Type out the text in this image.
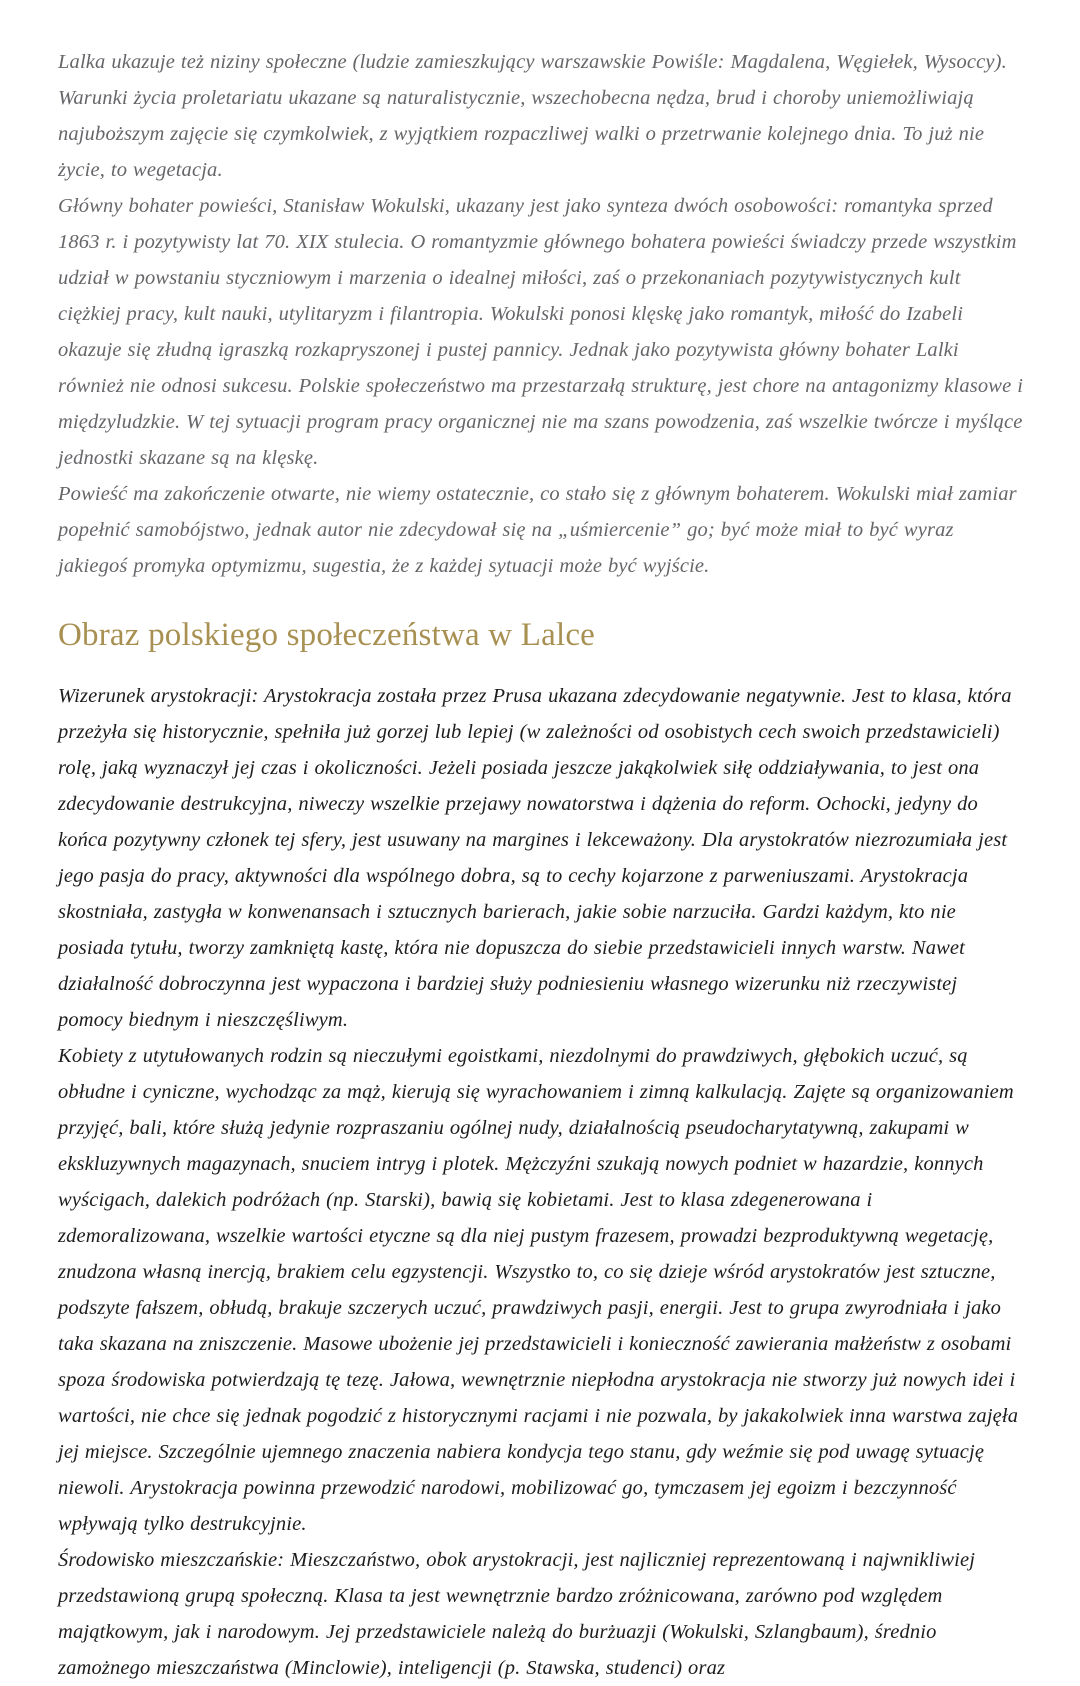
Lalka ukazuje też niziny społeczne (ludzie zamieszkujący warszawskie Powiśle: Magdalena, Węgiełek, Wysoccy). Warunki życia proletariatu ukazane są naturalistycznie, wszechobecna nędza, brud i choroby uniemożliwiają najuboższym zajęcie się czymkolwiek, z wyjątkiem rozpaczliwej walki o przetrwanie kolejnego dnia. To już nie życie, to wegetacja.

Główny bohater powieści, Stanisław Wokulski, ukazany jest jako synteza dwóch osobowości: romantyka sprzed 1863 r. i pozytywisty lat 70. XIX stulecia. O romantyzmie głównego bohatera powieści świadczy przede wszystkim udział w powstaniu styczniowym i marzenia o idealnej miłości, zaś o przekonaniach pozytywistycznych kult ciężkiej pracy, kult nauki, utylitaryzm i filantropia. Wokulski ponosi klęskę jako romantyk, miłość do Izabeli okazuje się złudną igraszką rozkapryszonej i pustej pannicy. Jednak jako pozytywista główny bohater Lalki również nie odnosi sukcesu. Polskie społeczeństwo ma przestarzałą strukturę, jest chore na antagonizmy klasowe i międzyludzkie. W tej sytuacji program pracy organicznej nie ma szans powodzenia, zaś wszelkie twórcze i myślące jednostki skazane są na klęskę.

Powieść ma zakończenie otwarte, nie wiemy ostatecznie, co stało się z głównym bohaterem. Wokulski miał zamiar popełnić samobójstwo, jednak autor nie zdecydował się na „uśmiercenie” go; być może miał to być wyraz jakiegoś promyka optymizmu, sugestia, że z każdej sytuacji może być wyjście.

Obraz polskiego społeczeństwa w Lalce

Wizerunek arystokracji: Arystokracja została przez Prusa ukazana zdecydowanie negatywnie. Jest to klasa, która przeżyła się historycznie, spełniła już gorzej lub lepiej (w zależności od osobistych cech swoich przedstawicieli) rolę, jaką wyznaczył jej czas i okoliczności. Jeżeli posiada jeszcze jakąkolwiek siłę oddziaływania, to jest ona zdecydowanie destrukcyjna, niweczy wszelkie przejawy nowatorstwa i dążenia do reform. Ochocki, jedyny do końca pozytywny członek tej sfery, jest usuwany na margines i lekceważony. Dla arystokratów niezrozumiała jest jego pasja do pracy, aktywności dla wspólnego dobra, są to cechy kojarzone z parweniuszami. Arystokracja skostniała, zastygła w konwenansach i sztucznych barierach, jakie sobie narzuciła. Gardzi każdym, kto nie posiada tytułu, tworzy zamkniętą kastę, która nie dopuszcza do siebie przedstawicieli innych warstw. Nawet działalność dobroczynna jest wypaczona i bardziej służy podniesieniu własnego wizerunku niż rzeczywistej pomocy biednym i nieszczęśliwym.

Kobiety z utytułowanych rodzin są nieczułymi egoistkami, niezdolnymi do prawdziwych, głębokich uczuć, są obłudne i cyniczne, wychodząc za mąż, kierują się wyrachowaniem i zimną kalkulacją. Zajęte są organizowaniem przyjęć, bali, które służą jedynie rozpraszaniu ogólnej nudy, działalnością pseudocharytatywną, zakupami w ekskluzywnych magazynach, snuciem intryg i plotek. Mężczyźni szukają nowych podniet w hazardzie, konnych wyścigach, dalekich podróżach (np. Starski), bawią się kobietami. Jest to klasa zdegenerowana i zdemoralizowana, wszelkie wartości etyczne są dla niej pustym frazesem, prowadzi bezproduktywną wegetację, znudzona własną inercją, brakiem celu egzystencji. Wszystko to, co się dzieje wśród arystokratów jest sztuczne, podszyte fałszem, obłudą, brakuje szczerych uczuć, prawdziwych pasji, energii. Jest to grupa zwyrodniała i jako taka skazana na zniszczenie. Masowe ubożenie jej przedstawicieli i konieczność zawierania małżeństw z osobami spoza środowiska potwierdzają tę tezę. Jałowa, wewnętrznie niepłodna arystokracja nie stworzy już nowych idei i wartości, nie chce się jednak pogodzić z historycznymi racjami i nie pozwala, by jakakolwiek inna warstwa zajęła jej miejsce. Szczególnie ujemnego znaczenia nabiera kondycja tego stanu, gdy weźmie się pod uwagę sytuację niewoli. Arystokracja powinna przewodzić narodowi, mobilizować go, tymczasem jej egoizm i bezczynność wpływają tylko destrukcyjnie.

Środowisko mieszczańskie: Mieszczaństwo, obok arystokracji, jest najliczniej reprezentowaną i najwnikliwiej przedstawioną grupą społeczną. Klasa ta jest wewnętrznie bardzo zróżnicowana, zarówno pod względem majątkowym, jak i narodowym. Jej przedstawiciele należą do burżuazji (Wokulski, Szlangbaum), średnio zamożnego mieszczaństwa (Minclowie), inteligencji (p. Stawska, studenci) oraz
